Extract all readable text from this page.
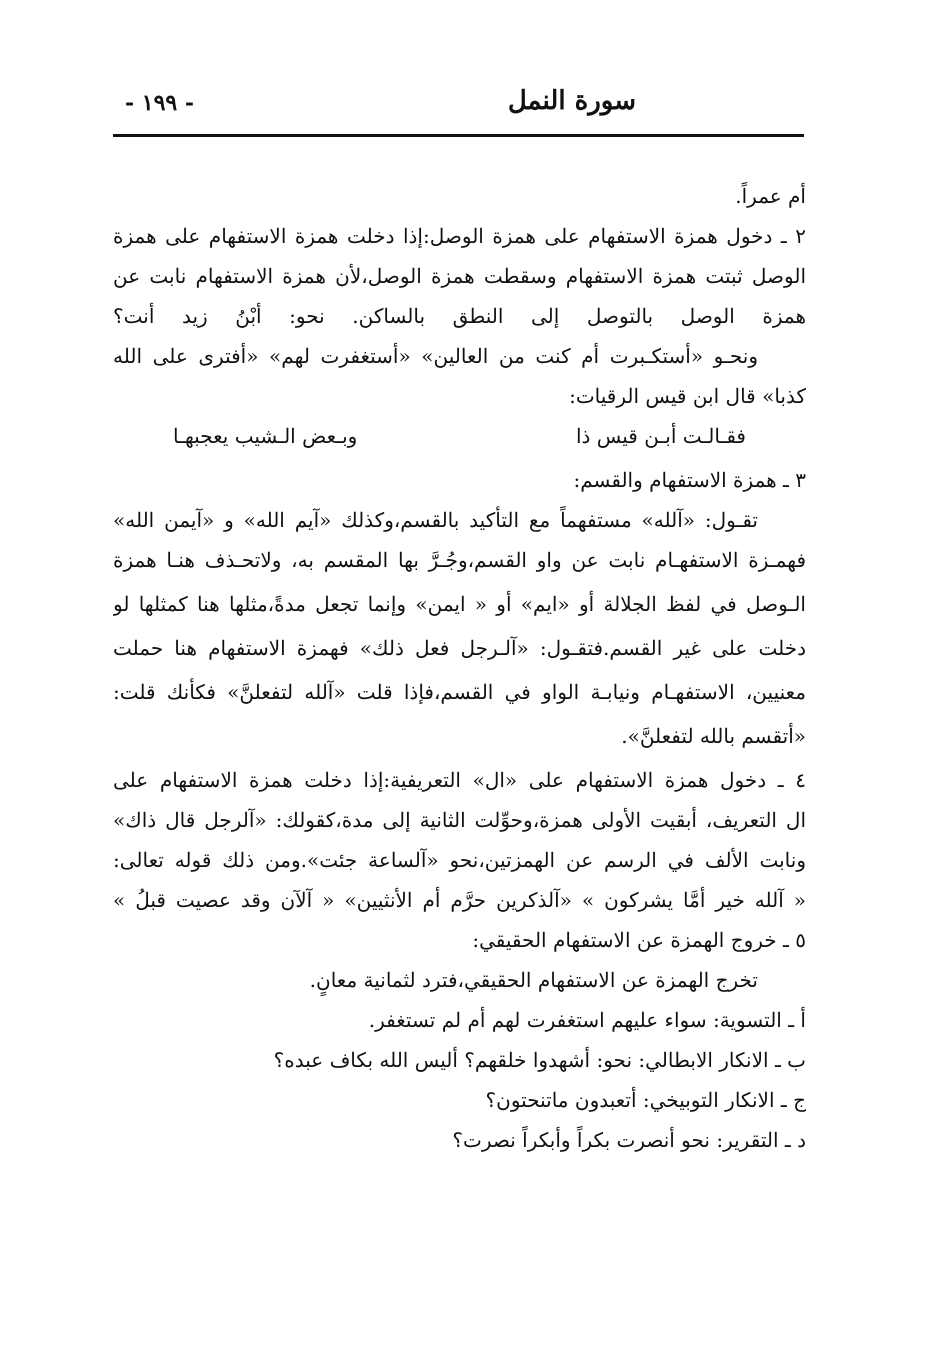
- ١٩٩ -	سورة النمل
أم عمراً.
٢ ـ دخول همزة الاستفهام على همزة الوصل:إذا دخلت همزة الاستفهام على همزة
الوصل ثبتت همزة الاستفهام وسقطت همزة الوصل،لأن همزة الاستفهام نابت عن
همزة الوصل بالتوصل إلى النطق بالساكن. نحو: أبْنُ زيد أنت؟
ونحـو «أستكـبرت أم كنت من العالين» «أستغفرت لهم» «أفترى على الله
كذبا» قال ابن قيس الرقيات:
فقـالـت أبـن قيس ذا
وبـعض الـشيب يعجبهـا
٣ ـ همزة الاستفهام والقسم:
تقـول: «آلله» مستفهماً مع التأكيد بالقسم،وكذلك «آيم الله» و «آيمن الله»
فهمـزة الاستفهـام نابت عن واو القسم،وجُـرَّ بها المقسم به، ولاتحـذف هنـا همزة
الـوصل في لفظ الجلالة أو «ايم» أو « ايمن» وإنما تجعل مدةً،مثلها هنا كمثلها لو
دخلت على غير القسم.فتقـول: «آلـرجل فعل ذلك» فهمزة الاستفهام هنا حملت
معنيين، الاستفهـام ونيابـة الواو في القسم،فإذا قلت «آلله لتفعلنَّ» فكأنك قلت:
«أتقسم بالله لتفعلنَّ».
٤ ـ دخول همزة الاستفهام على «ال» التعريفية:إذا دخلت همزة الاستفهام على
ال التعريف، أبقيت الأولى همزة،وحوِّلت الثانية إلى مدة،كقولك: «آلرجل قال ذاك»
ونابت الألف في الرسم عن الهمزتين،نحو «آلساعة جئت».ومن ذلك قوله تعالى:
« آلله خير أمَّا يشركون » «آلذكرين حرَّم أم الأنثيين» « آلآن وقد عصيت قبلُ »
٥ ـ خروج الهمزة عن الاستفهام الحقيقي:
تخرج الهمزة عن الاستفهام الحقيقي،فترد لثمانية معانٍ.
أ ـ التسوية: سواء عليهم استغفرت لهم أم لم تستغفر.
ب ـ الانكار الابطالي: نحو: أشهدوا خلقهم؟ أليس الله بكاف عبده؟
ج ـ الانكار التوبيخي: أتعبدون ماتنحتون؟
د ـ التقرير: نحو أنصرت بكراً وأبكراً نصرت؟
